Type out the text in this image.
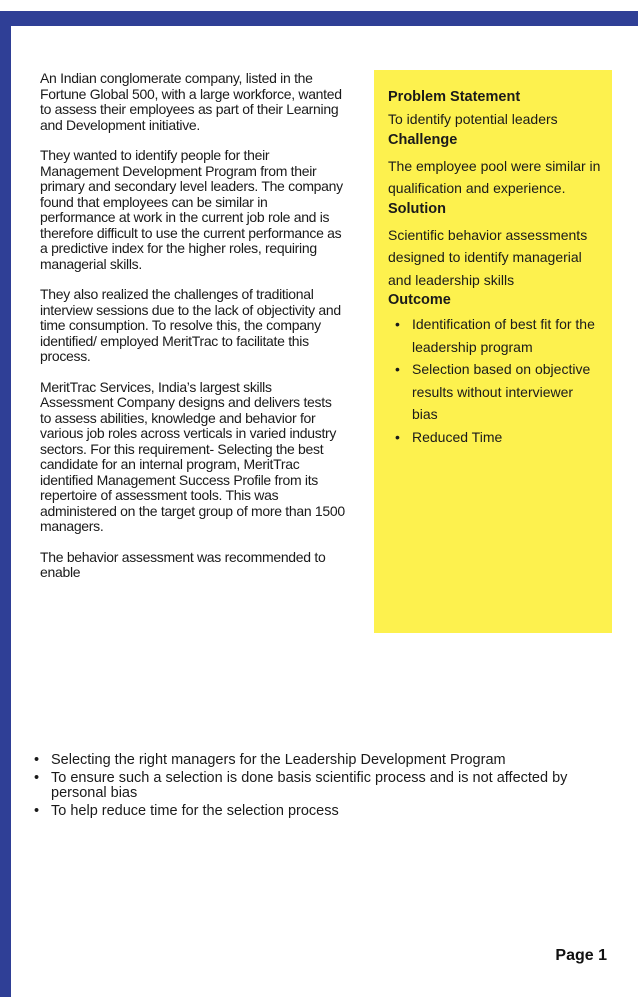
An Indian conglomerate company, listed in the Fortune Global 500, with a large workforce, wanted to assess their employees as part of their Learning and Development initiative.

They wanted to identify people for their Management Development Program from their primary and secondary level leaders. The company found that employees can be similar in performance at work in the current job role and is therefore difficult to use the current performance as a predictive index for the higher roles, requiring managerial skills.

They also realized the challenges of traditional interview sessions due to the lack of objectivity and time consumption. To resolve this, the company identified/ employed MeritTrac to facilitate this process.

MeritTrac Services, India’s largest skills Assessment Company designs and delivers tests to assess abilities, knowledge and behavior for various job roles across verticals in varied industry sectors. For this requirement- Selecting the best candidate for an internal program, MeritTrac identified Management Success Profile from its repertoire of assessment tools. This was administered on the target group of more than 1500 managers.

The behavior assessment was recommended to enable

Problem Statement

To identify potential leaders

Challenge

The employee pool were similar in qualification and experience.

Solution

Scientific behavior assessments designed to identify managerial and leadership skills

Outcome
• Identification of best fit for the leadership program
• Selection based on objective results without interviewer bias
• Reduced Time
• Selecting the right managers for the Leadership Development Program
• To ensure such a selection is done basis scientific process and is not affected by personal bias
• To help reduce time for the selection process
Page 1
